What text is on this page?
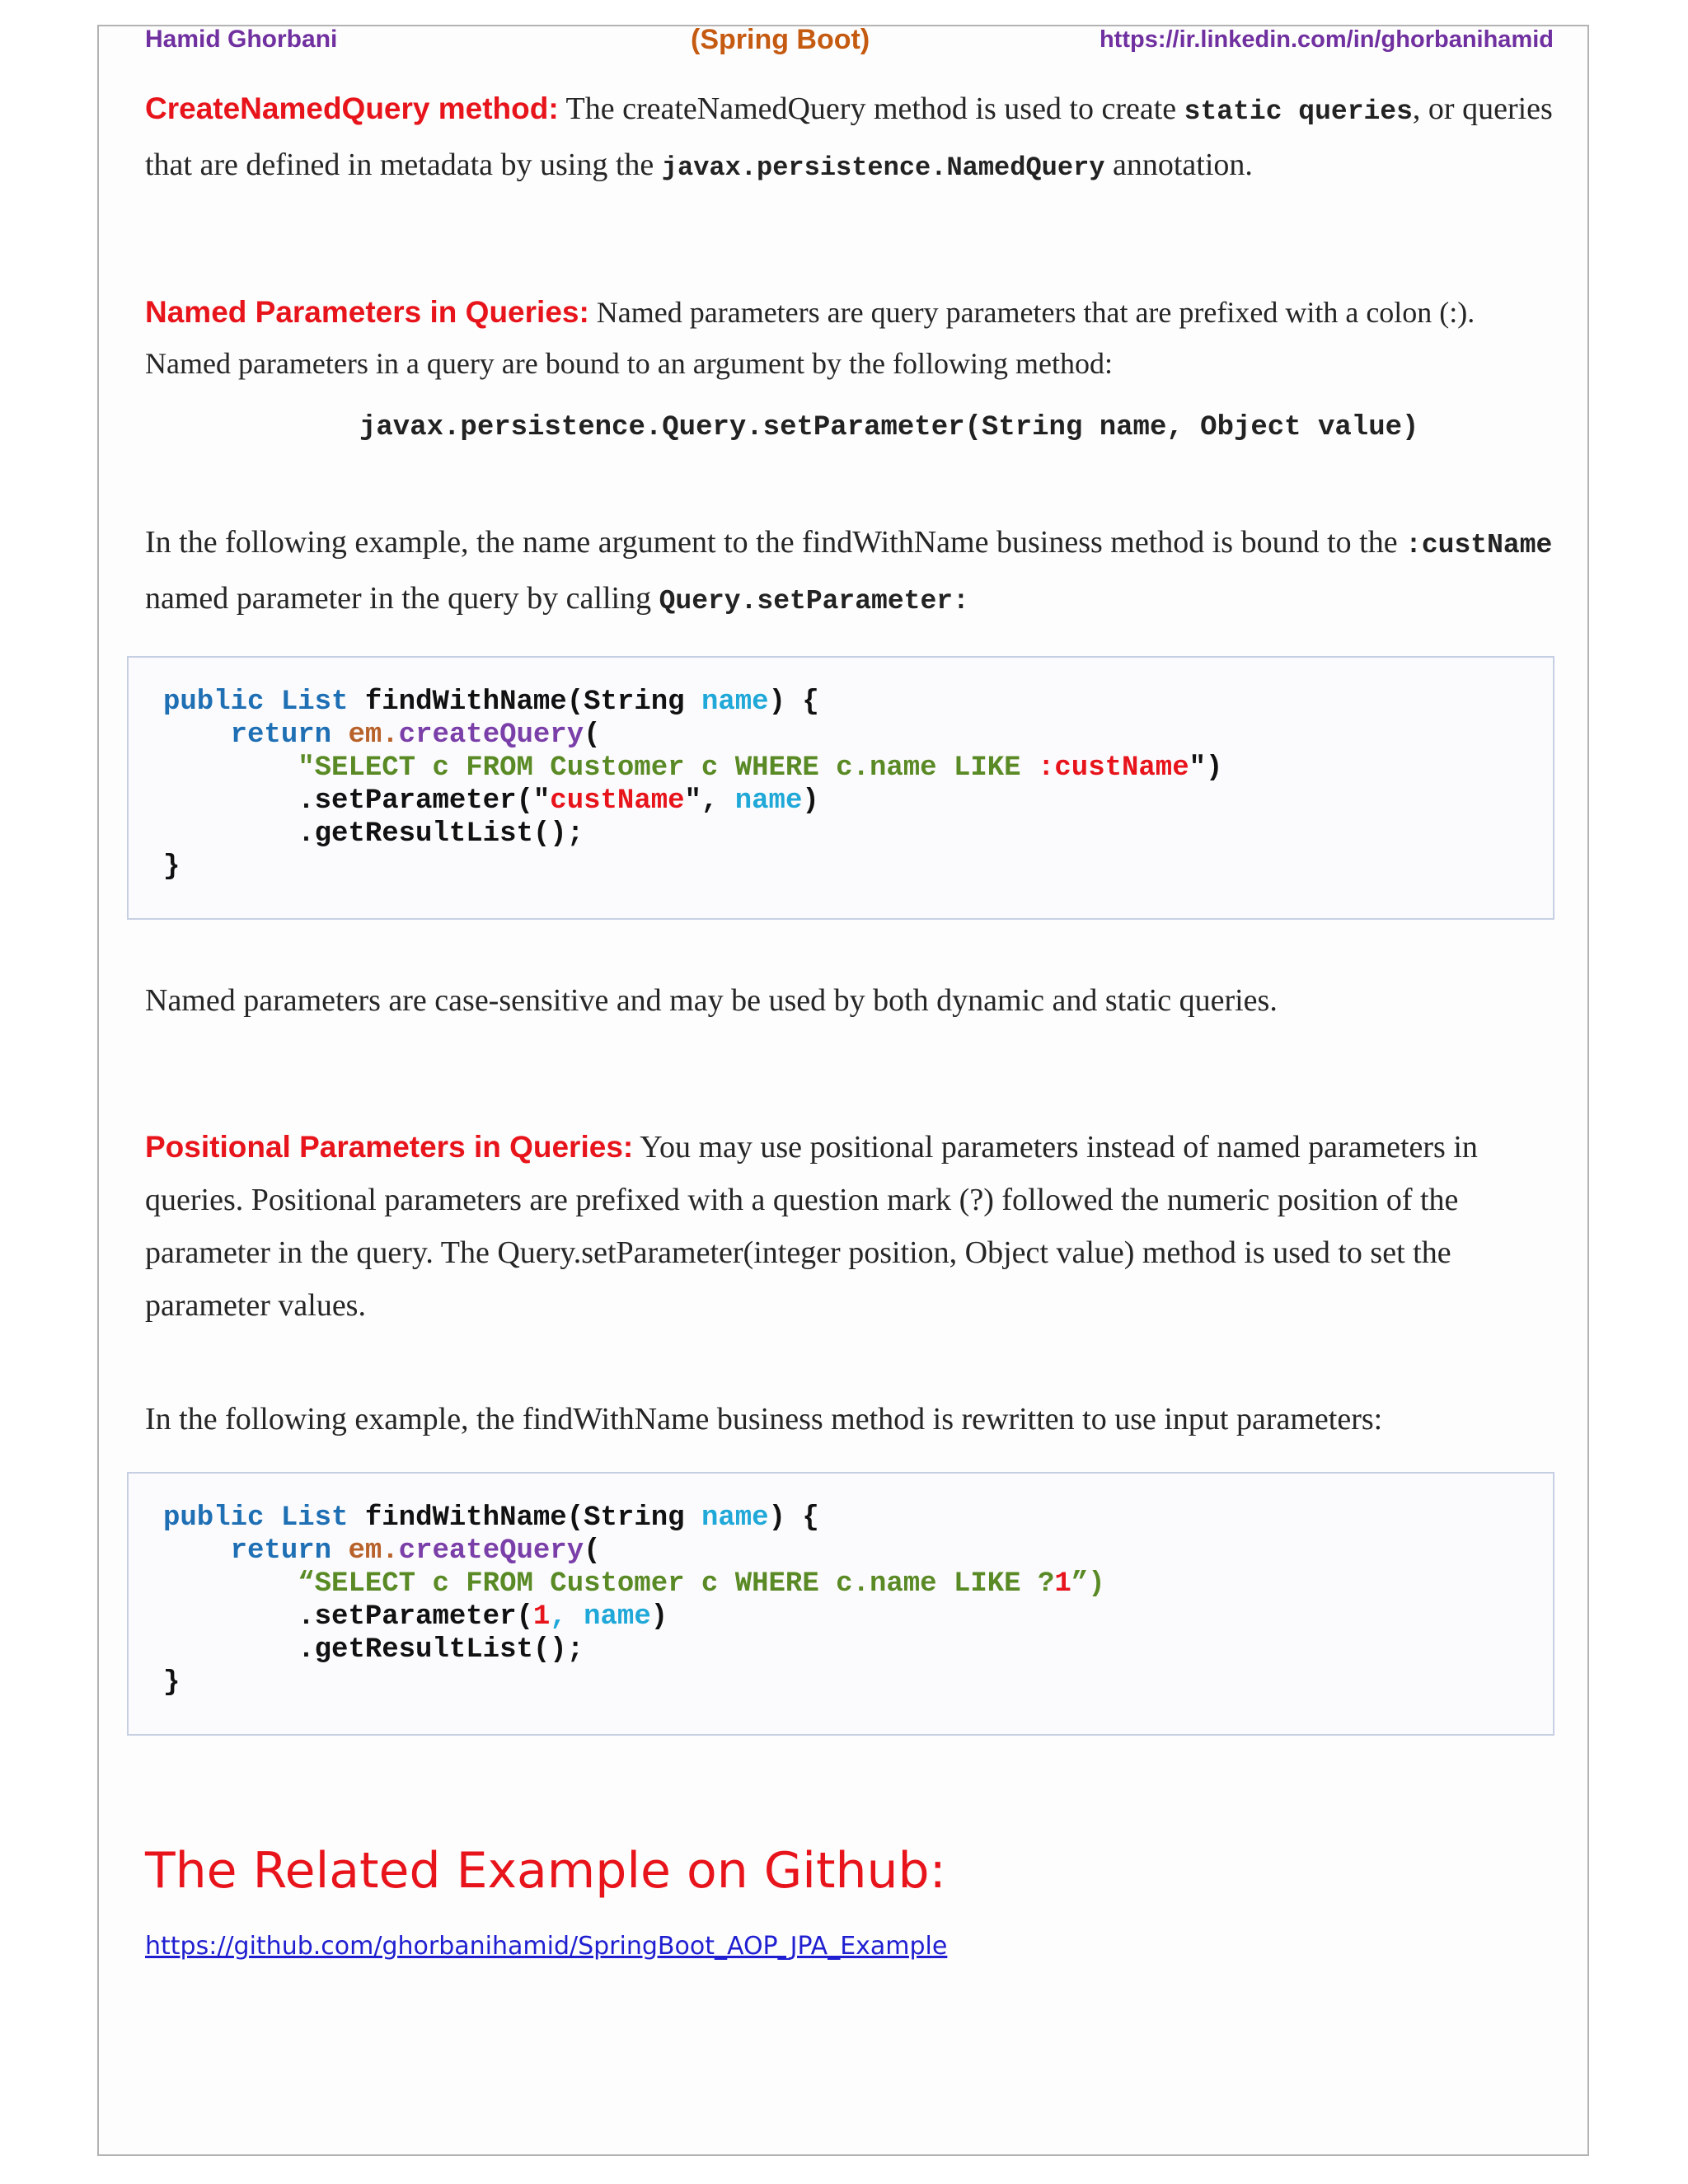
Hamid Ghorbani	(Spring Boot)	https://ir.linkedin.com/in/ghorbanihamid

CreateNamedQuery method: The createNamedQuery method is used to create static queries, or queries that are defined in metadata by using the javax.persistence.NamedQuery annotation.

Named Parameters in Queries: Named parameters are query parameters that are prefixed with a colon (:). Named parameters in a query are bound to an argument by the following method:

javax.persistence.Query.setParameter(String name, Object value)

In the following example, the name argument to the findWithName business method is bound to the :custName named parameter in the query by calling Query.setParameter:

public List findWithName(String name) {
return em.createQuery(
"SELECT c FROM Customer c WHERE c.name LIKE :custName")
.setParameter("custName", name)
.getResultList();
}

Named parameters are case-sensitive and may be used by both dynamic and static queries.

Positional Parameters in Queries: You may use positional parameters instead of named parameters in queries. Positional parameters are prefixed with a question mark (?) followed the numeric position of the parameter in the query. The Query.setParameter(integer position, Object value) method is used to set the parameter values.

In the following example, the findWithName business method is rewritten to use input parameters:

public List findWithName(String name) {
return em.createQuery(
“SELECT c FROM Customer c WHERE c.name LIKE ?1”)
.setParameter(1, name)
.getResultList();
}
The Related Example on Github:
https://github.com/ghorbanihamid/SpringBoot_AOP_JPA_Example
